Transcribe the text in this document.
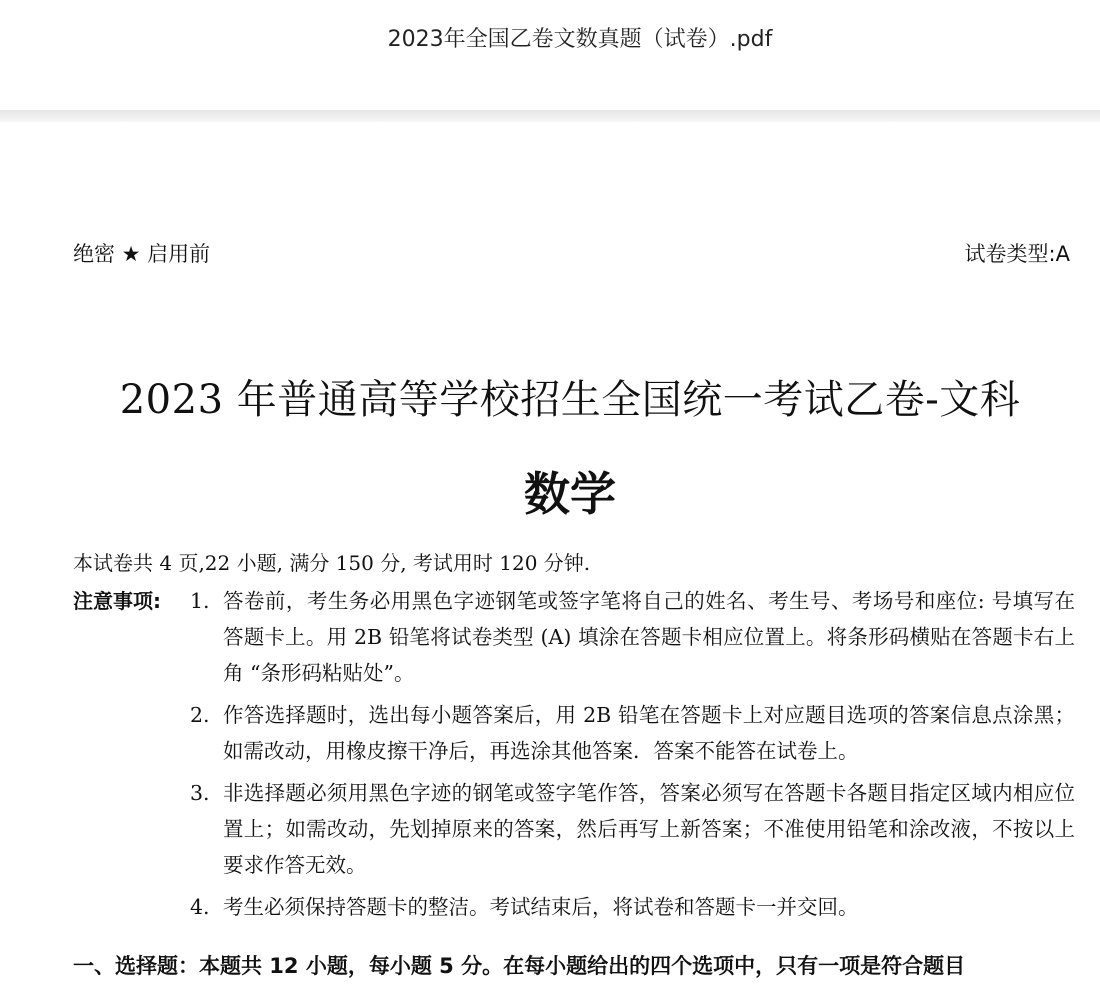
2023年全国乙卷文数真题（试卷）.pdf
绝密 ★ 启用前	试卷类型:A
2023 年普通高等学校招生全国统一考试乙卷-文科
数学
本试卷共 4 页,22 小题, 满分 150 分, 考试用时 120 分钟.
注意事项: 1. 答卷前，考生务必用黑色字迹钢笔或签字笔将自己的姓名、考生号、考场号和座位: 号填写在答题卡上。用 2B 铅笔将试卷类型 (A) 填涂在答题卡相应位置上。将条形码横贴在答题卡右上角 “条形码粘贴处”。
2. 作答选择题时，选出每小题答案后，用 2B 铅笔在答题卡上对应题目选项的答案信息点涂黑；如需改动，用橡皮擦干净后，再选涂其他答案．答案不能答在试卷上。
3. 非选择题必须用黑色字迹的钢笔或签字笔作答，答案必须写在答题卡各题目指定区域内相应位置上；如需改动，先划掉原来的答案，然后再写上新答案；不准使用铅笔和涂改液，不按以上要求作答无效。
4. 考生必须保持答题卡的整洁。考试结束后，将试卷和答题卡一并交回。
一、选择题：本题共 12 小题，每小题 5 分。在每小题给出的四个选项中，只有一项是符合题目
